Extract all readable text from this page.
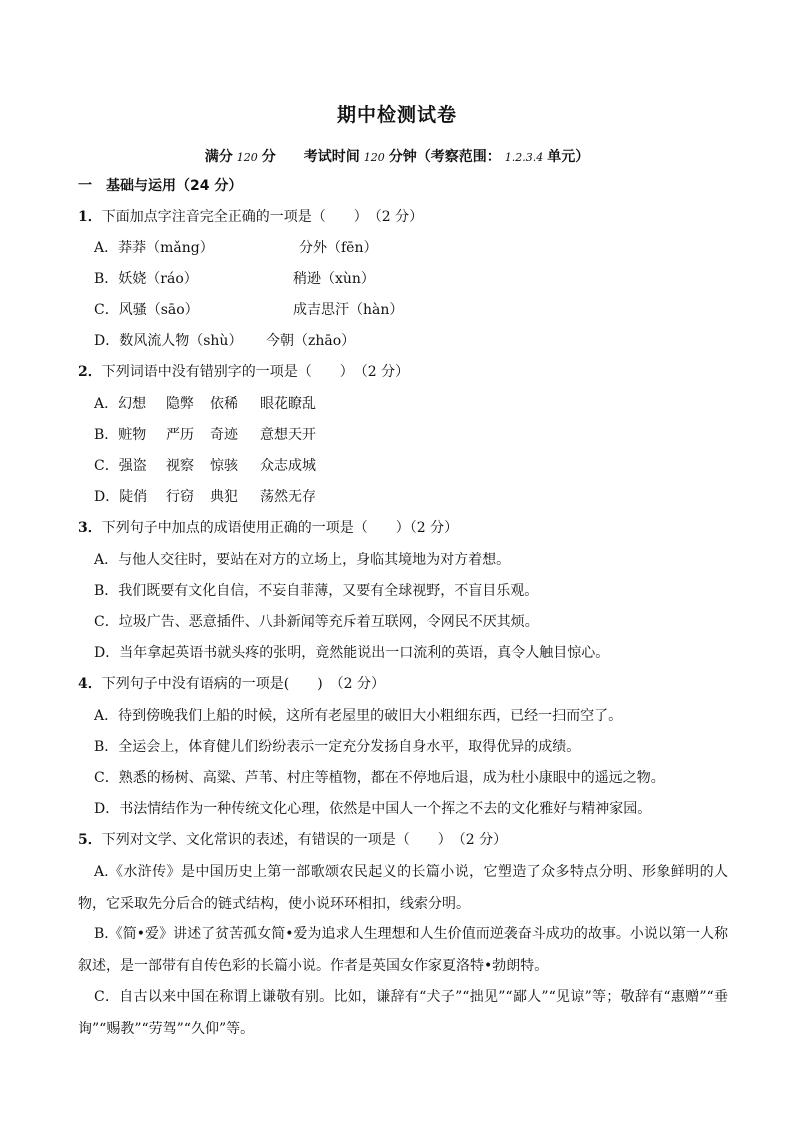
期中检测试卷
满分 120 分 考试时间 120 分钟（考察范围： 1.2.3.4 单元）
一　基础与运用（24 分）
1．下面加点字注音完全正确的一项是（　　）　（2 分）
A．莽莽（mǎng）	分外（fēn）
B．妖娆（ráo）	稍逊（xùn）
C．风骚（sāo）	成吉思汗（hàn）
D．数风流人物（shù） 今朝（zhāo）
2．下列词语中没有错别字的一项是（　　）　（2 分）
A．幻想 隐弊 依稀 眼花瞭乱
B．赃物 严历 奇迹 意想天开
C．强盗 视察 惊骇 众志成城
D．陡俏 行窃 典犯 荡然无存
3．下列句子中加点的成语使用正确的一项是（　　）（2 分）
A．与他人交往时，要站在对方的立场上，身临其境地为对方着想。
B．我们既要有文化自信，不妄自菲薄，又要有全球视野，不盲目乐观。
C．垃圾广告、恶意插件、八卦新闻等充斥着互联网，令网民不厌其烦。
D．当年拿起英语书就头疼的张明，竟然能说出一口流利的英语，真令人触目惊心。
4．下列句子中没有语病的一项是(　　)　（2 分）
A．待到傍晚我们上船的时候，这所有老屋里的破旧大小粗细东西，已经一扫而空了。
B．全运会上，体育健儿们纷纷表示一定充分发扬自身水平，取得优异的成绩。
C．熟悉的杨树、高粱、芦苇、村庄等植物，都在不停地后退，成为杜小康眼中的遥远之物。
D．书法情结作为一种传统文化心理，依然是中国人一个挥之不去的文化雅好与精神家园。
5．下列对文学、文化常识的表述，有错误的一项是（　　）　（2 分）
A.《水浒传》是中国历史上第一部歌颂农民起义的长篇小说，它塑造了众多特点分明、形象鲜明的人物，它采取先分后合的链式结构，使小说环环相扣，线索分明。
B.《简•爱》讲述了贫苦孤女简•爱为追求人生理想和人生价值而逆袭奋斗成功的故事。小说以第一人称叙述，是一部带有自传色彩的长篇小说。作者是英国女作家夏洛特•勃朗特。
C．自古以来中国在称谓上谦敬有别。比如，谦辞有“犬子”“拙见”“鄙人”“见谅”等；敬辞有“惠赠”“垂询”“赐教”“劳驾”“久仰”等。
